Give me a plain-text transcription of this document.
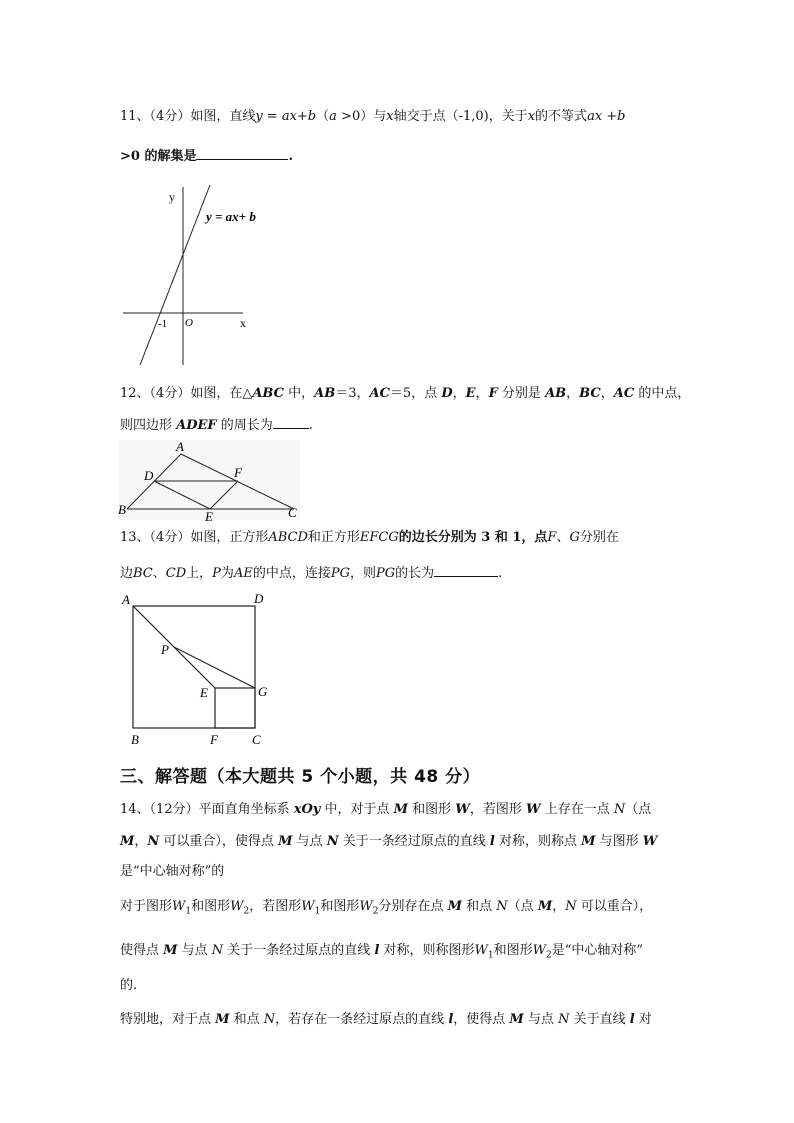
11、（4分）如图，直线y = ax+b（a >0）与x轴交于点（-1,0)，关于x的不等式ax +b
>0 的解集是	.
y
x
y = ax+ b
-1 O
12、（4分）如图，在△ABC 中，AB＝3，AC＝5，点 D，E，F 分别是 AB，BC，AC 的中点，
则四边形 ADEF 的周长为	.
A
B	C
D
E
F
13、（4分）如图，正方形ABCD和正方形EFCG的边长分别为 3 和 1，点F、G分别在
边BC、CD上，P为AE的中点，连接PG，则PG的长为	.
A	D
B	F	C
E	G
P
三、解答题（本大题共 5 个小题，共 48 分）
14、（12分）平面直角坐标系 xOy 中，对于点 M 和图形 W，若图形 W 上存在一点 N（点
M，N 可以重合），使得点 M 与点 N 关于一条经过原点的直线 l 对称，则称点 M 与图形 W
是“中心轴对称”的
对于图形$W_1$和图形$W_2$，若图形$W_1$和图形$W_2$分别存在点 M 和点 N（点 M，N 可以重合），
使得点 M 与点 N 关于一条经过原点的直线 l 对称，则称图形$W_1$和图形$W_2$是“中心轴对称”
的.
特别地，对于点 M 和点 N，若存在一条经过原点的直线 l，使得点 M 与点 N 关于直线 l 对
